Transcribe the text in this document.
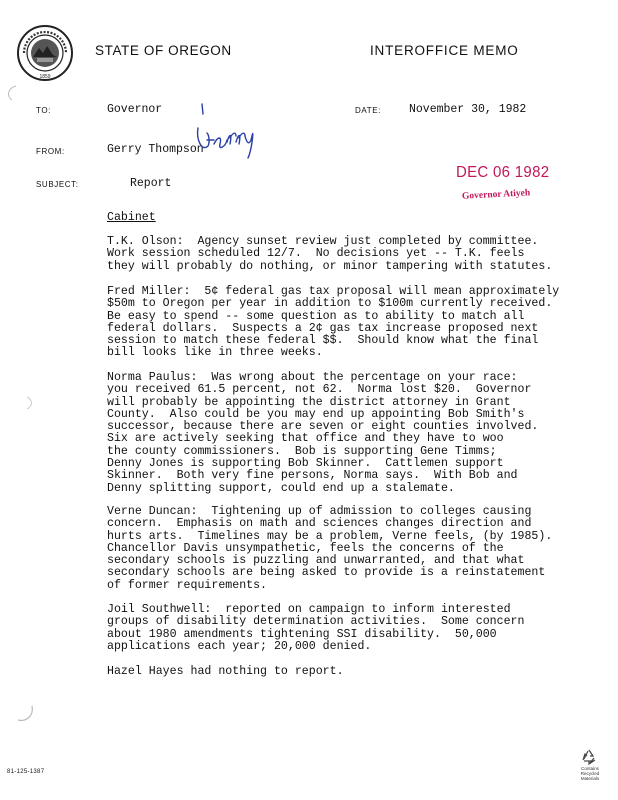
1859
STATE OF OREGON	INTEROFFICE MEMO
TO:	Governor	DATE: November 30, 1982
FROM:	Gerry Thompson
SUBJECT:	Report
DEC 06 1982
Governor Atiyeh
Cabinet
T.K. Olson:  Agency sunset review just completed by committee.
Work session scheduled 12/7.  No decisions yet -- T.K. feels
they will probably do nothing, or minor tampering with statutes.
Fred Miller:  5¢ federal gas tax proposal will mean approximately
$50m to Oregon per year in addition to $100m currently received.
Be easy to spend -- some question as to ability to match all
federal dollars.  Suspects a 2¢ gas tax increase proposed next
session to match these federal $$.  Should know what the final
bill looks like in three weeks.
Norma Paulus:  Was wrong about the percentage on your race:
you received 61.5 percent, not 62.  Norma lost $20.  Governor
will probably be appointing the district attorney in Grant
County.  Also could be you may end up appointing Bob Smith's
successor, because there are seven or eight counties involved.
Six are actively seeking that office and they have to woo
the county commissioners.  Bob is supporting Gene Timms;
Denny Jones is supporting Bob Skinner.  Cattlemen support
Skinner.  Both very fine persons, Norma says.  With Bob and
Denny splitting support, could end up a stalemate.
Verne Duncan:  Tightening up of admission to colleges causing
concern.  Emphasis on math and sciences changes direction and
hurts arts.  Timelines may be a problem, Verne feels, (by 1985).
Chancellor Davis unsympathetic, feels the concerns of the
secondary schools is puzzling and unwarranted, and that what
secondary schools are being asked to provide is a reinstatement
of former requirements.
Joil Southwell:  reported on campaign to inform interested
groups of disability determination activities.  Some concern
about 1980 amendments tightening SSI disability.  50,000
applications each year; 20,000 denied.
Hazel Hayes had nothing to report.
81-125-1387
Contains Recycled Materials
